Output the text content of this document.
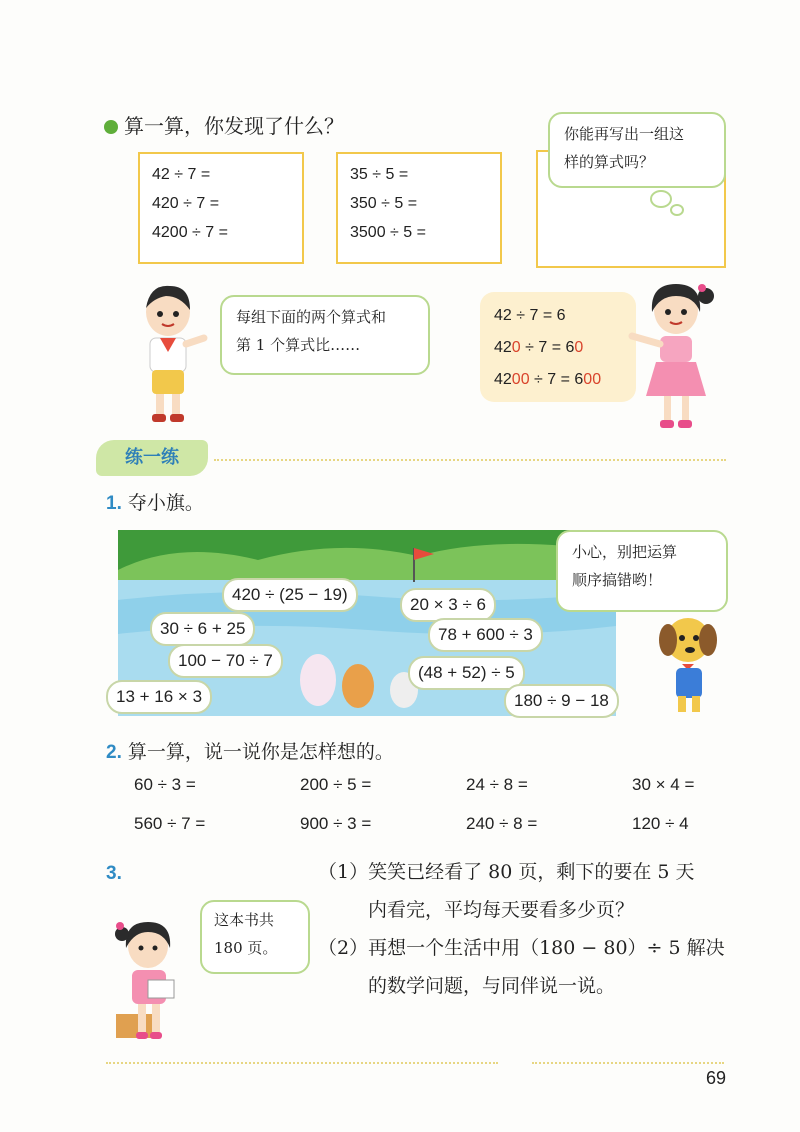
算一算，你发现了什么？
42 ÷ 7 =
420 ÷ 7 =
4200 ÷ 7 =
35 ÷ 5 =
350 ÷ 5 =
3500 ÷ 5 =
你能再写出一组这
样的算式吗？
每组下面的两个算式和
第 1 个算式比……
42 ÷ 7 = 6
420 ÷ 7 = 60
4200 ÷ 7 = 600
练一练
1. 夺小旗。
420 ÷ (25 − 19)
20 × 3 ÷ 6
30 ÷ 6 + 25	78 + 600 ÷ 3
100 − 70 ÷ 7
(48 + 52) ÷ 5
13 + 16 × 3	180 ÷ 9 − 18
小心，别把运算
顺序搞错哟！
2. 算一算，说一说你是怎样想的。
60 ÷ 3 =	200 ÷ 5 =	24 ÷ 8 =	30 × 4 =
560 ÷ 7 =	900 ÷ 3 =	240 ÷ 8 =	120 ÷ 4
3.	（1）笑笑已经看了 80 页，剩下的要在 5 天
内看完，平均每天要看多少页？
（2）再想一个生活中用（180 − 80）÷ 5 解决
的数学问题，与同伴说一说。
这本书共
180 页。
69
